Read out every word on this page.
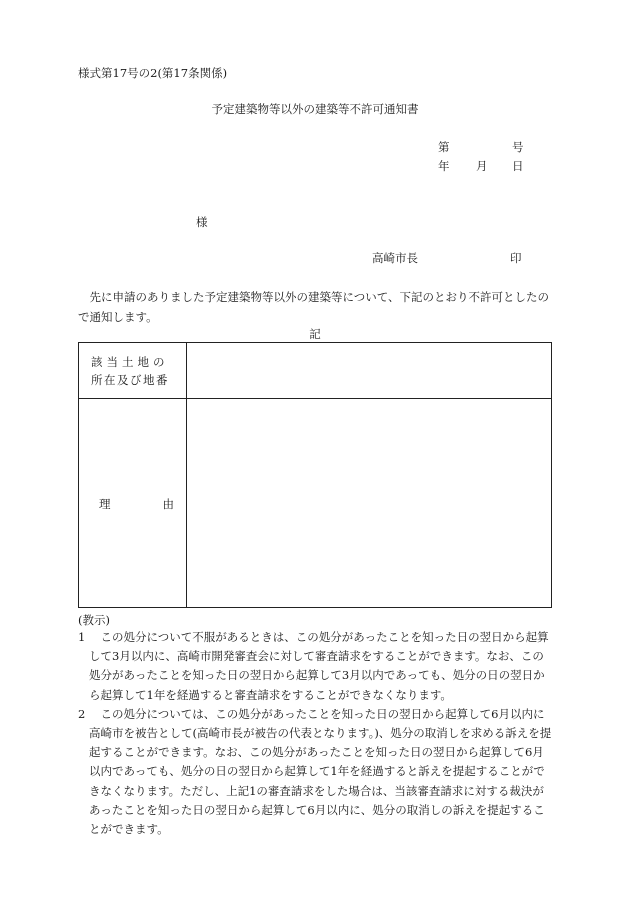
様式第17号の2(第17条関係)
予定建築物等以外の建築等不許可通知書
第	号
年 月 日
様
高崎市長	印
先に申請のありました予定建築物等以外の建築等について、下記のとおり不許可としたので通知します。
記
該当土地の
所在及び地番
理	由
(教示)
1	この処分について不服があるときは、この処分があったことを知った日の翌日から起算して3月以内に、高崎市開発審査会に対して審査請求をすることができます。なお、この処分があったことを知った日の翌日から起算して3月以内であっても、処分の日の翌日から起算して1年を経過すると審査請求をすることができなくなります。
2	この処分については、この処分があったことを知った日の翌日から起算して6月以内に高崎市を被告として(高崎市長が被告の代表となります。)、処分の取消しを求める訴えを提起することができます。なお、この処分があったことを知った日の翌日から起算して6月以内であっても、処分の日の翌日から起算して1年を経過すると訴えを提起することができなくなります。ただし、上記1の審査請求をした場合は、当該審査請求に対する裁決があったことを知った日の翌日から起算して6月以内に、処分の取消しの訴えを提起することができます。
